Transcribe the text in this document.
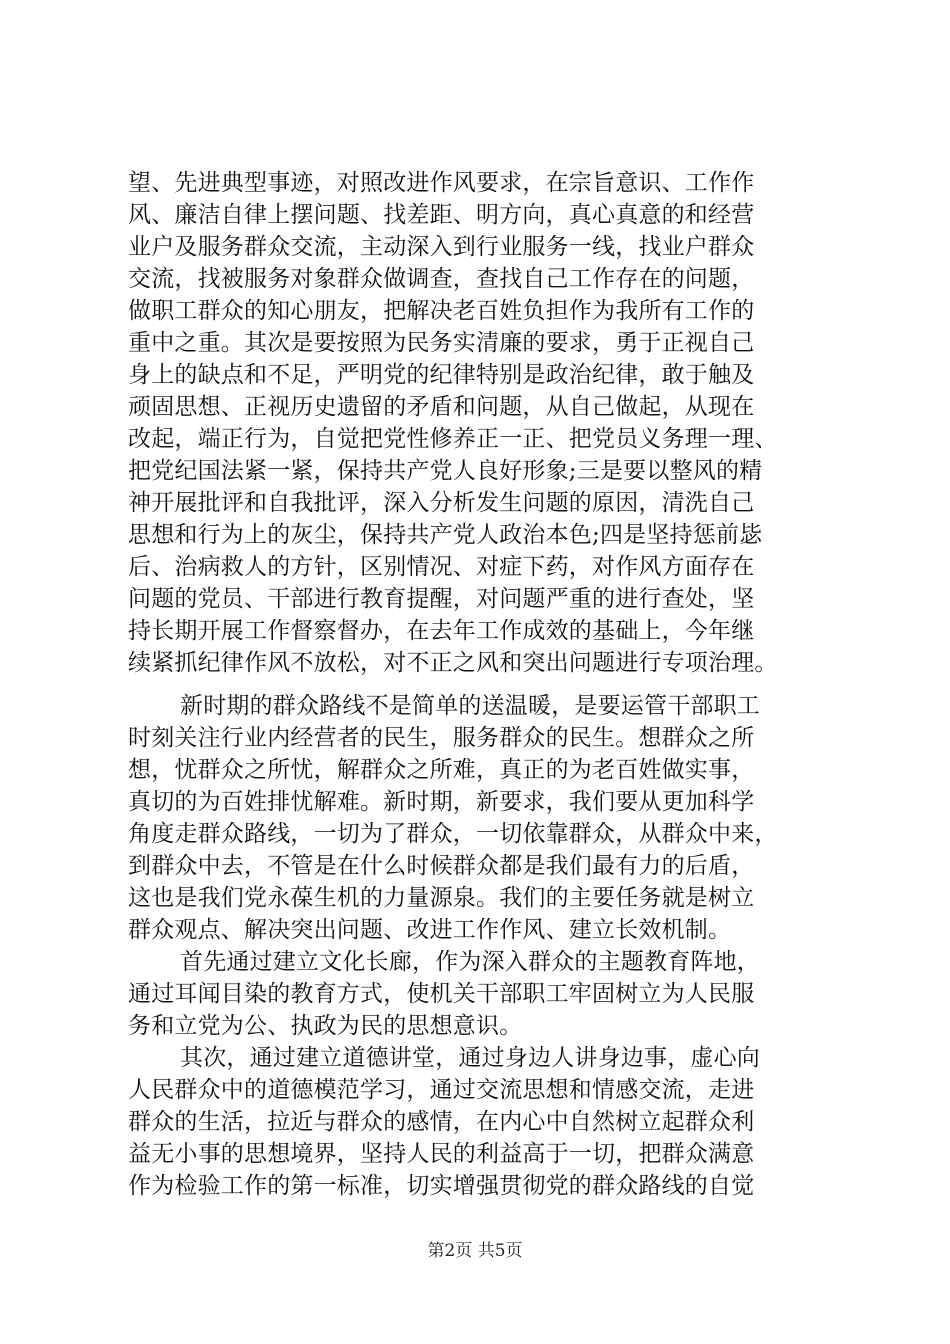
望、先进典型事迹，对照改进作风要求，在宗旨意识、工作作
风、廉洁自律上摆问题、找差距、明方向，真心真意的和经营
业户及服务群众交流，主动深入到行业服务一线，找业户群众
交流，找被服务对象群众做调查，查找自己工作存在的问题，
做职工群众的知心朋友，把解决老百姓负担作为我所有工作的
重中之重。其次是要按照为民务实清廉的要求，勇于正视自己
身上的缺点和不足，严明党的纪律特别是政治纪律，敢于触及
顽固思想、正视历史遗留的矛盾和问题，从自己做起，从现在
改起，端正行为，自觉把党性修养正一正、把党员义务理一理、
把党纪国法紧一紧，保持共产党人良好形象;三是要以整风的精
神开展批评和自我批评，深入分析发生问题的原因，清洗自己
思想和行为上的灰尘，保持共产党人政治本色;四是坚持惩前毖
后、治病救人的方针，区别情况、对症下药，对作风方面存在
问题的党员、干部进行教育提醒，对问题严重的进行查处，坚
持长期开展工作督察督办，在去年工作成效的基础上，今年继
续紧抓纪律作风不放松，对不正之风和突出问题进行专项治理。
新时期的群众路线不是简单的送温暖，是要运管干部职工
时刻关注行业内经营者的民生，服务群众的民生。想群众之所
想，忧群众之所忧，解群众之所难，真正的为老百姓做实事，
真切的为百姓排忧解难。新时期，新要求，我们要从更加科学
角度走群众路线，一切为了群众，一切依靠群众，从群众中来，
到群众中去，不管是在什么时候群众都是我们最有力的后盾，
这也是我们党永葆生机的力量源泉。我们的主要任务就是树立
群众观点、解决突出问题、改进工作作风、建立长效机制。
首先通过建立文化长廊，作为深入群众的主题教育阵地，
通过耳闻目染的教育方式，使机关干部职工牢固树立为人民服
务和立党为公、执政为民的思想意识。
其次，通过建立道德讲堂，通过身边人讲身边事，虚心向
人民群众中的道德模范学习，通过交流思想和情感交流，走进
群众的生活，拉近与群众的感情，在内心中自然树立起群众利
益无小事的思想境界，坚持人民的利益高于一切，把群众满意
作为检验工作的第一标准，切实增强贯彻党的群众路线的自觉
第2页 共5页
